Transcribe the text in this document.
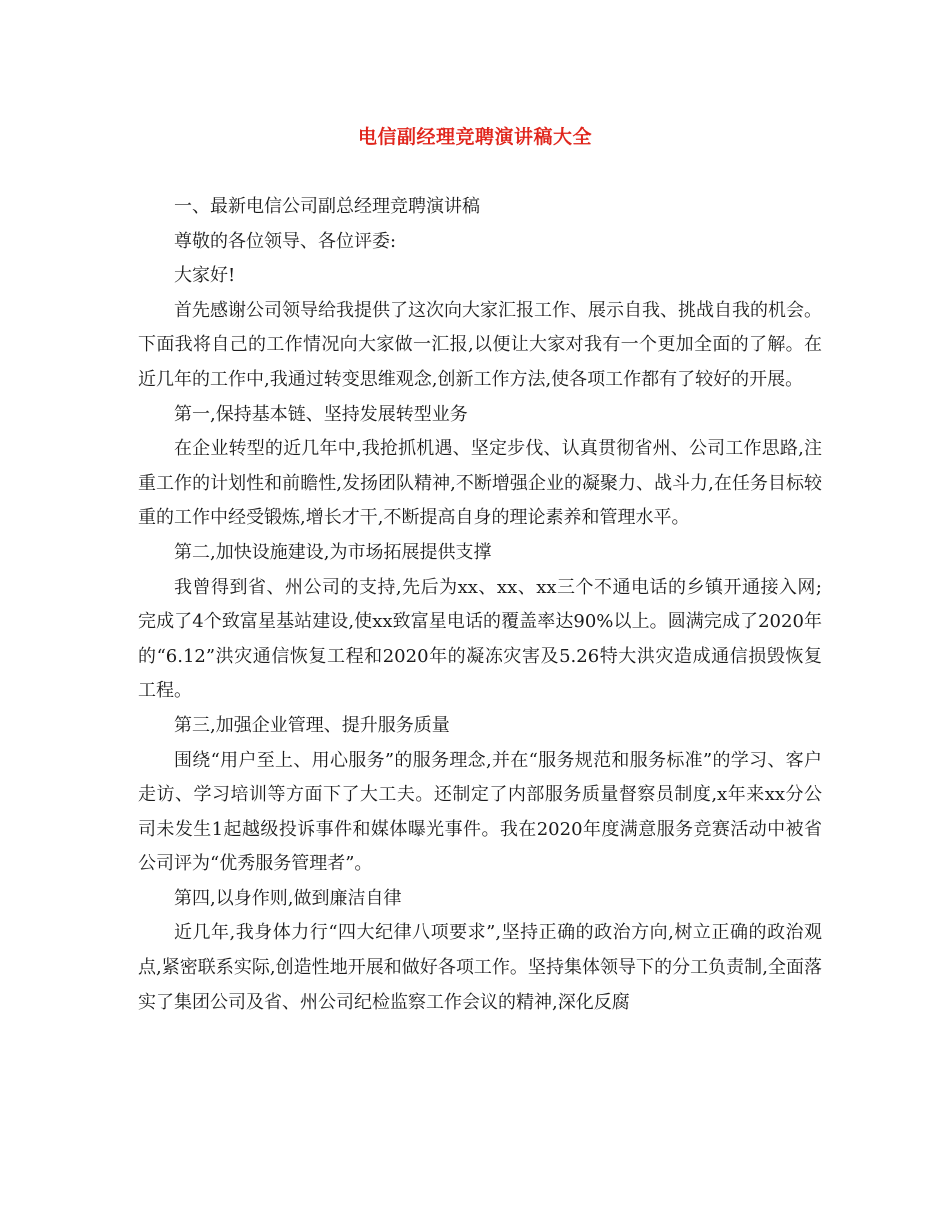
电信副经理竞聘演讲稿大全

一、最新电信公司副总经理竞聘演讲稿

尊敬的各位领导、各位评委:

大家好!

首先感谢公司领导给我提供了这次向大家汇报工作、展示自我、挑战自我的机会。下面我将自己的工作情况向大家做一汇报,以便让大家对我有一个更加全面的了解。在近几年的工作中,我通过转变思维观念,创新工作方法,使各项工作都有了较好的开展。

第一,保持基本链、坚持发展转型业务

在企业转型的近几年中,我抢抓机遇、坚定步伐、认真贯彻省州、公司工作思路,注重工作的计划性和前瞻性,发扬团队精神,不断增强企业的凝聚力、战斗力,在任务目标较重的工作中经受锻炼,增长才干,不断提高自身的理论素养和管理水平。

第二,加快设施建设,为市场拓展提供支撑

我曾得到省、州公司的支持,先后为xx、xx、xx三个不通电话的乡镇开通接入网;完成了4个致富星基站建设,使xx致富星电话的覆盖率达90%以上。圆满完成了2020年的“6.12”洪灾通信恢复工程和2020年的凝冻灾害及5.26特大洪灾造成通信损毁恢复工程。

第三,加强企业管理、提升服务质量

围绕“用户至上、用心服务”的服务理念,并在“服务规范和服务标准”的学习、客户走访、学习培训等方面下了大工夫。还制定了内部服务质量督察员制度,x年来xx分公司未发生1起越级投诉事件和媒体曝光事件。我在2020年度满意服务竞赛活动中被省公司评为“优秀服务管理者”。

第四,以身作则,做到廉洁自律

近几年,我身体力行“四大纪律八项要求”,坚持正确的政治方向,树立正确的政治观点,紧密联系实际,创造性地开展和做好各项工作。坚持集体领导下的分工负责制,全面落实了集团公司及省、州公司纪检监察工作会议的精神,深化反腐
